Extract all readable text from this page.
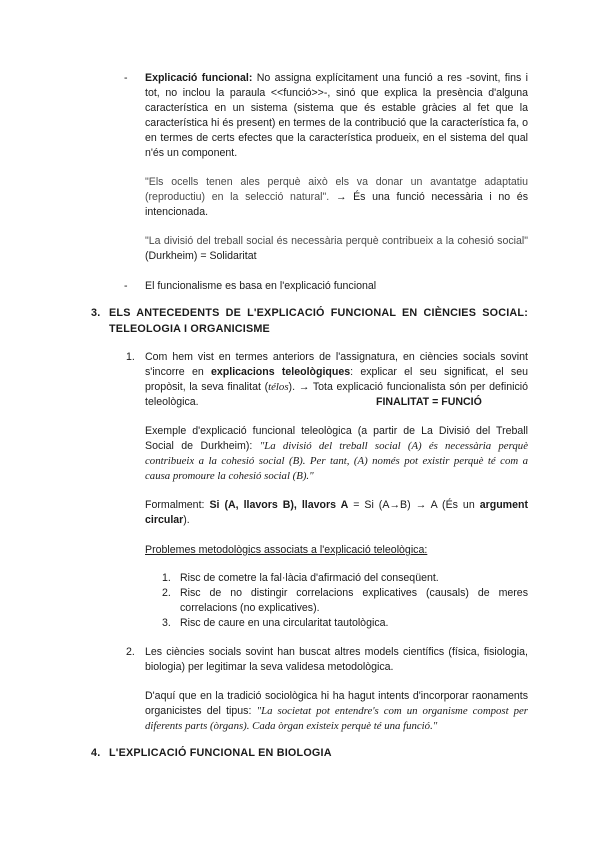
- Explicació funcional: No assigna explícitament una funció a res -sovint, fins i tot, no inclou la paraula <<funció>>-, sinó que explica la presència d'alguna característica en un sistema (sistema que és estable gràcies al fet que la característica hi és present) en termes de la contribució que la característica fa, o en termes de certs efectes que la característica produeix, en el sistema del qual n'és un component.

"Els ocells tenen ales perquè això els va donar un avantatge adaptatiu (reproductiu) en la selecció natural". → És una funció necessària i no és intencionada.

"La divisió del treball social és necessària perquè contribueix a la cohesió social" (Durkheim) = Solidaritat

- El funcionalisme es basa en l'explicació funcional

3. ELS ANTECEDENTS DE L'EXPLICACIÓ FUNCIONAL EN CIÈNCIES SOCIAL: TELEOLOGIA I ORGANICISME

1. Com hem vist en termes anteriors de l'assignatura, en ciències socials sovint s'incorre en explicacions teleològiques: explicar el seu significat, el seu propòsit, la seva finalitat (télos). → Tota explicació funcionalista són per definició teleològica.	FINALITAT = FUNCIÓ

Exemple d'explicació funcional teleològica (a partir de La Divisió del Treball Social de Durkheim): "La divisió del treball social (A) és necessària perquè contribueix a la cohesió social (B). Per tant, (A) només pot existir perquè té com a causa promoure la cohesió social (B)."

Formalment: Si (A, llavors B), llavors A = Si (A→B) → A (És un argument circular).

Problemes metodològics associats a l'explicació teleològica:

1. Risc de cometre la fal·làcia d'afirmació del conseqüent.
2. Risc de no distingir correlacions explicatives (causals) de meres correlacions (no explicatives).
3. Risc de caure en una circularitat tautològica.
2. Les ciències socials sovint han buscat altres models científics (física, fisiologia, biologia) per legitimar la seva validesa metodològica.

D'aquí que en la tradició sociològica hi ha hagut intents d'incorporar raonaments organicistes del tipus: "La societat pot entendre's com un organisme compost per diferents parts (òrgans). Cada òrgan existeix perquè té una funció."

4. L'EXPLICACIÓ FUNCIONAL EN BIOLOGIA
